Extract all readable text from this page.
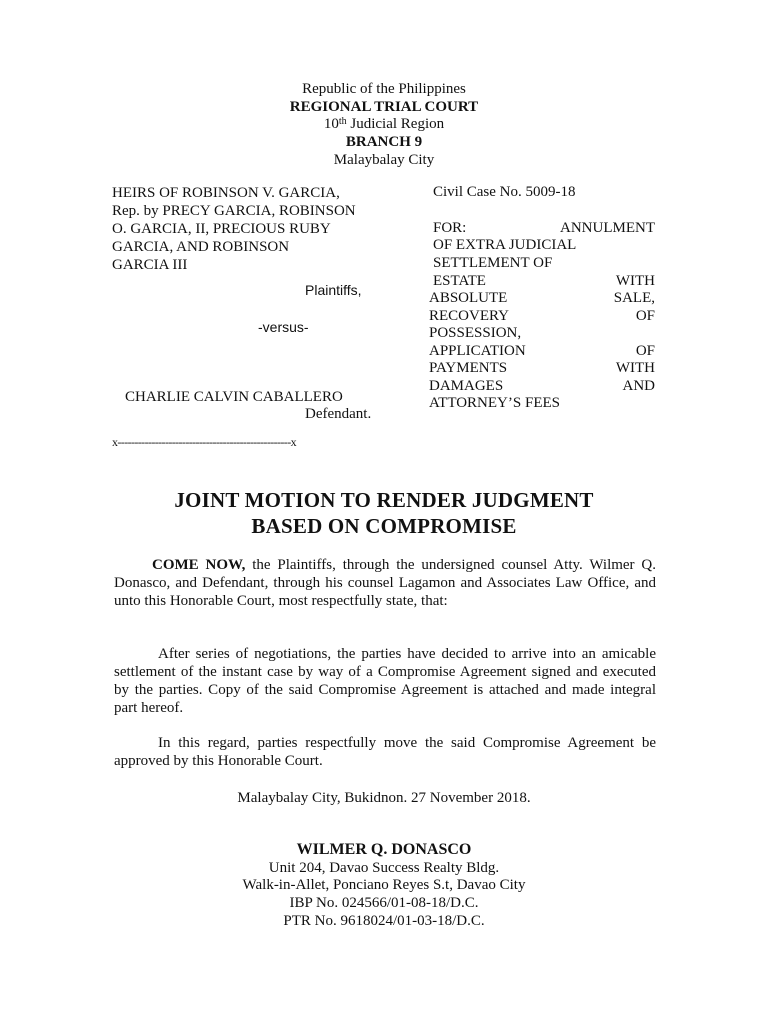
Republic of the Philippines
REGIONAL TRIAL COURT
10th Judicial Region
BRANCH 9
Malaybalay City
HEIRS OF ROBINSON V. GARCIA,
Rep. by PRECY GARCIA, ROBINSON
O. GARCIA, II, PRECIOUS RUBY
GARCIA, AND ROBINSON
GARCIA III
Plaintiffs,
-versus-
CHARLIE CALVIN CABALLERO
Defendant.
x---------------------------------------------------x
Civil Case No. 5009-18
FOR: ANNULMENT
OF EXTRA JUDICIAL
SETTLEMENT OF
ESTATE WITH
ABSOLUTE SALE,
RECOVERY OF
POSSESSION,
APPLICATION OF
PAYMENTS WITH
DAMAGES AND
ATTORNEY’S FEES
JOINT MOTION TO RENDER JUDGMENT
BASED ON COMPROMISE
COME NOW, the Plaintiffs, through the undersigned counsel Atty. Wilmer Q. Donasco, and Defendant, through his counsel Lagamon and Associates Law Office, and unto this Honorable Court, most respectfully state, that:
After series of negotiations, the parties have decided to arrive into an amicable settlement of the instant case by way of a Compromise Agreement signed and executed by the parties. Copy of the said Compromise Agreement is attached and made integral part hereof.
In this regard, parties respectfully move the said Compromise Agreement be approved by this Honorable Court.
Malaybalay City, Bukidnon. 27 November 2018.
WILMER Q. DONASCO
Unit 204, Davao Success Realty Bldg.
Walk-in-Allet, Ponciano Reyes S.t, Davao City
IBP No. 024566/01-08-18/D.C.
PTR No. 9618024/01-03-18/D.C.
